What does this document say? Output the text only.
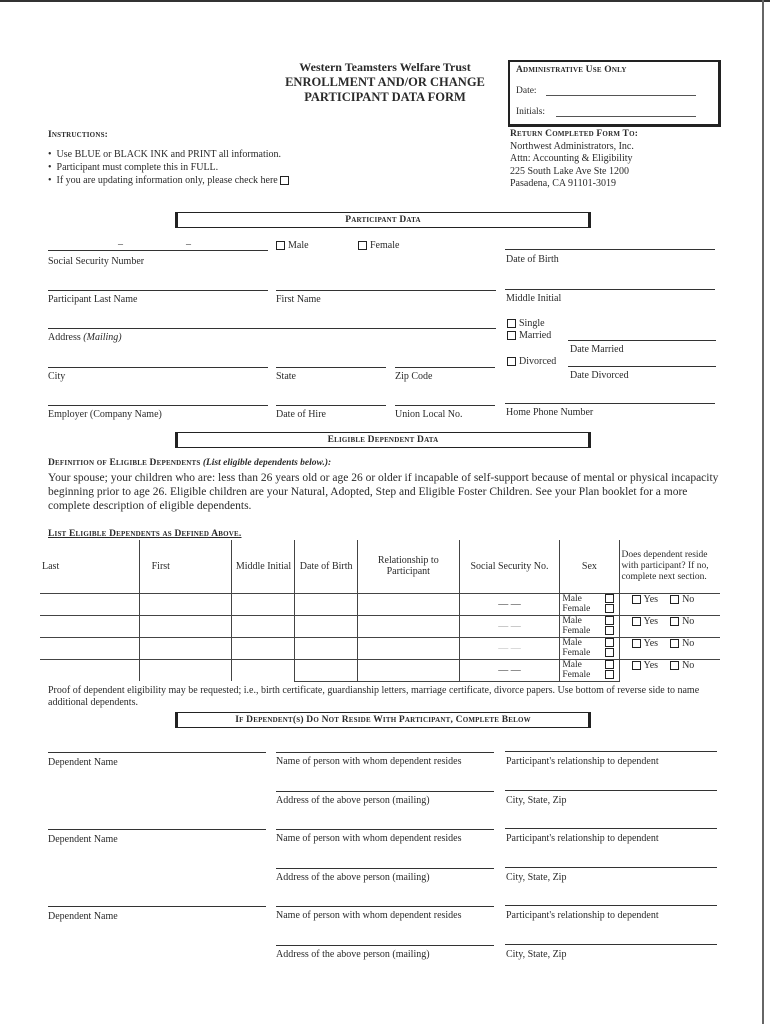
Western Teamsters Welfare Trust
ENROLLMENT AND/OR CHANGE
PARTICIPANT DATA FORM
Administrative Use Only
Date:
Initials:
Instructions:
•  Use BLUE or BLACK INK and PRINT all information.
•  Participant must complete this in FULL.
•  If you are updating information only, please check here
Return Completed Form To:
Northwest Administrators, Inc.
Attn: Accounting & Eligibility
225 South Lake Ave Ste 1200
Pasadena, CA 91101-3019
Participant Data
–	–
Social Security Number
Male	Female
Date of Birth
Participant Last Name	First Name	Middle Initial
Address (Mailing)
Single
Married
Date Married
Divorced
Date Divorced
City	State	Zip Code
Employer (Company Name)	Date of Hire	Union Local No.	Home Phone Number
Eligible Dependent Data
Definition of Eligible Dependents (List eligible dependents below.):
Your spouse; your children who are: less than 26 years old or age 26 or older if incapable of self-support because of mental or physical incapacity beginning prior to age 26. Eligible children are your Natural, Adopted, Step and Eligible Foster Children. See your Plan booklet for a more complete description of eligible dependents.
List Eligible Dependents as Defined Above.
Last	First	Middle Initial	Date of Birth	Relationship to Participant	Social Security No.	Sex	Does dependent reside with participant? If no, complete next section.
					— —	Male
Female	Yes No
					— —	Male
Female	Yes No
					— —	Male
Female	Yes No
					— —	Male
Female	Yes No
Proof of dependent eligibility may be requested; i.e., birth certificate, guardianship letters, marriage certificate, divorce papers. Use bottom of reverse side to name additional dependents.
If Dependent(s) Do Not Reside With Participant, Complete Below
Dependent Name	Name of person with whom dependent resides	Participant's relationship to dependent
Address of the above person (mailing)	City, State, Zip
Dependent Name	Name of person with whom dependent resides	Participant's relationship to dependent
Address of the above person (mailing)	City, State, Zip
Dependent Name	Name of person with whom dependent resides	Participant's relationship to dependent
Address of the above person (mailing)	City, State, Zip
